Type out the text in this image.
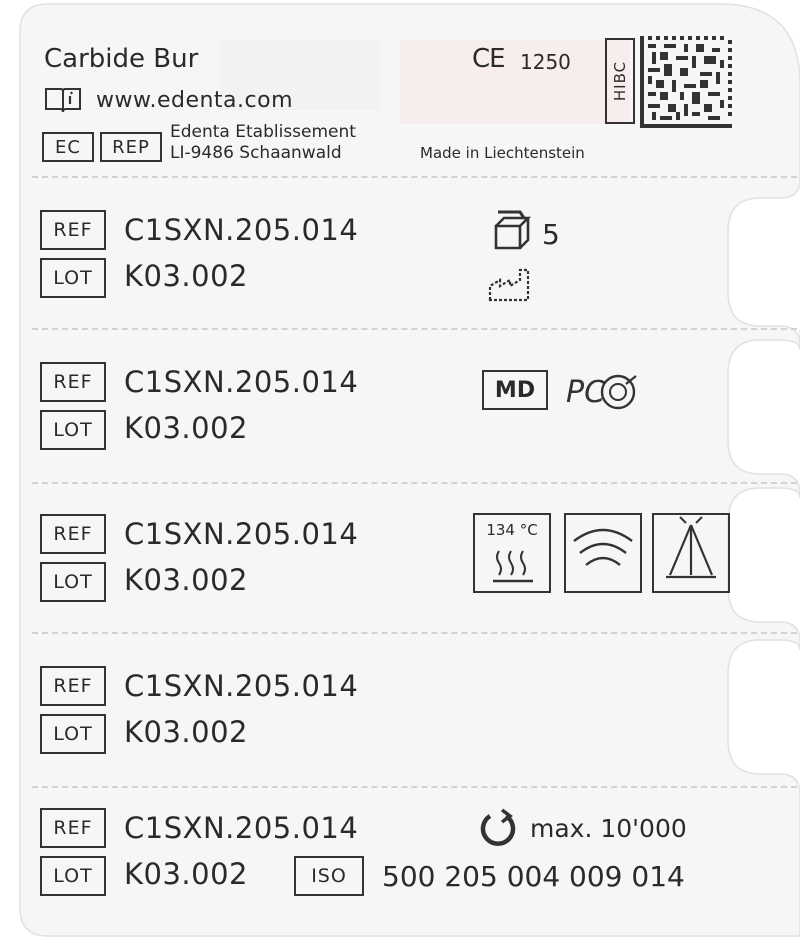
Carbide Bur
www.edenta.com
EC	REP
Edenta Etablissement
LI-9486 Schaanwald
CE 1250	HIBC
Made in Liechtenstein
REF	C1SXN.205.014
LOT	K03.002
5
REF	C1SXN.205.014
LOT	K03.002
MD	PC
REF	C1SXN.205.014
LOT	K03.002
134 °C
REF	C1SXN.205.014
LOT	K03.002
REF	C1SXN.205.014
LOT	K03.002
max. 10'000
ISO	500 205 004 009 014
